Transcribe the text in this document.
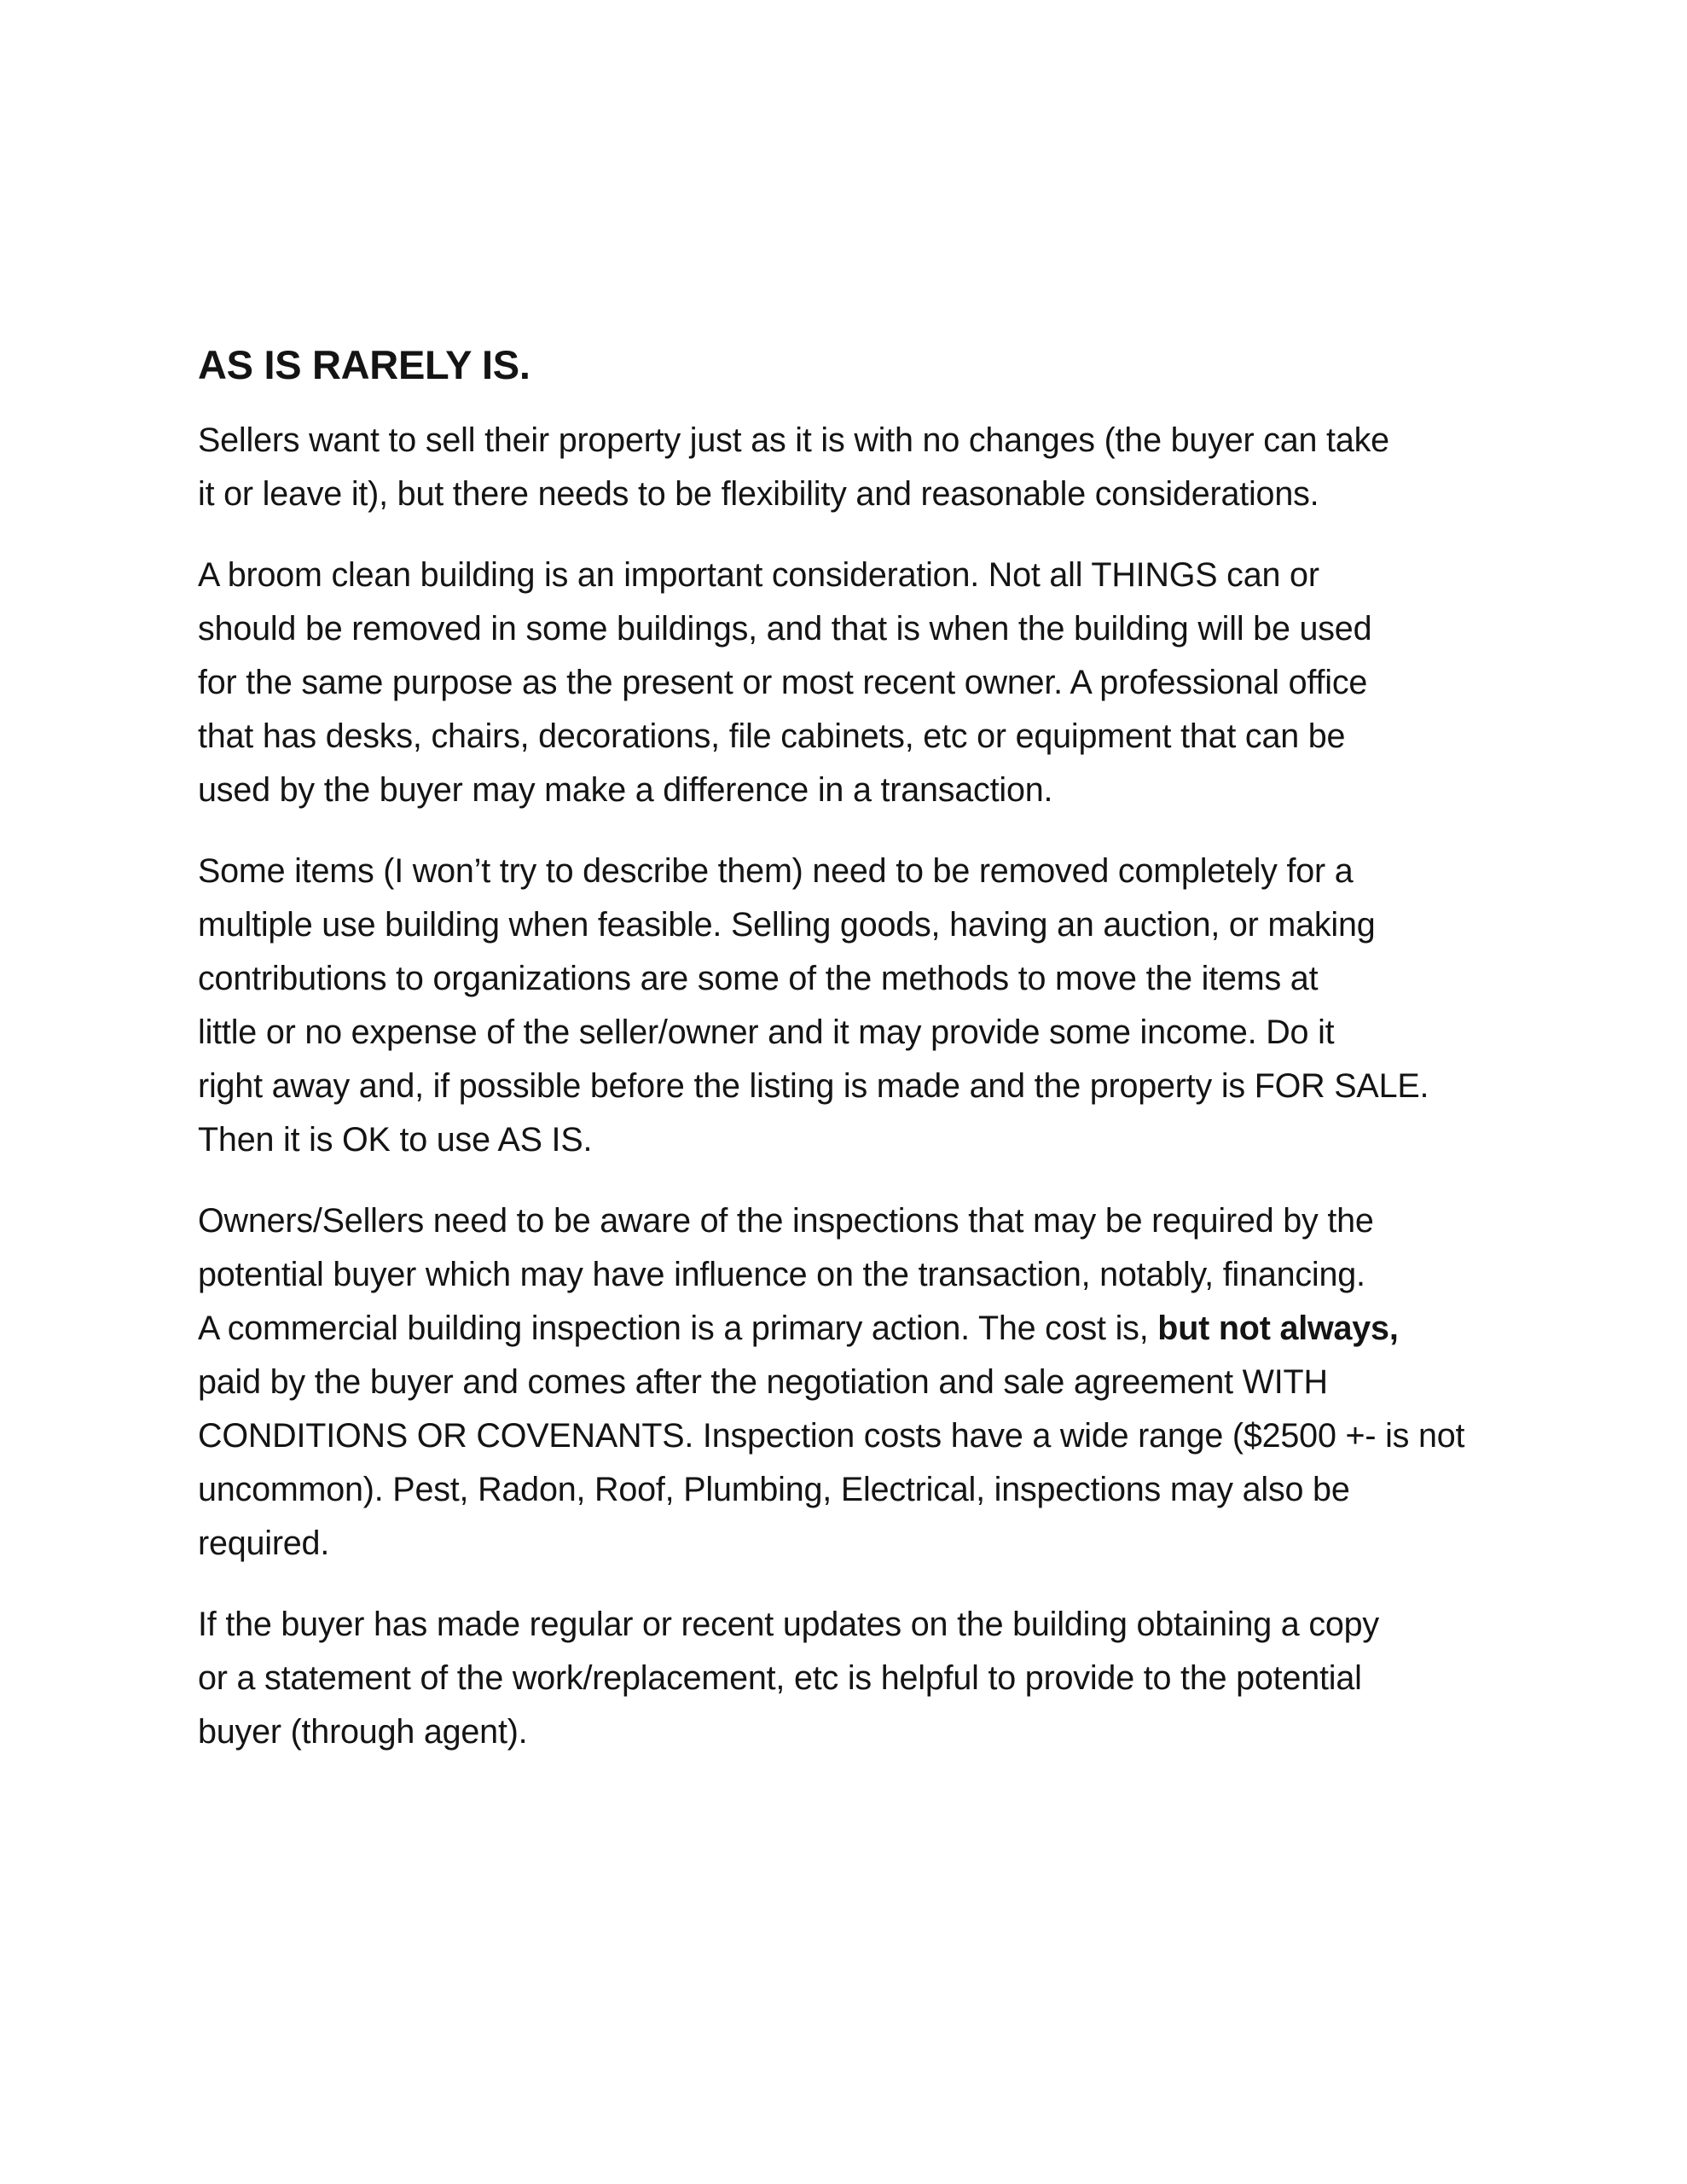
AS IS RARELY IS.
Sellers want to sell their property just as it is with no changes (the buyer can take
it or leave it), but there needs to be flexibility and reasonable considerations.
A broom clean building is an important consideration. Not all THINGS can or
should be removed in some buildings, and that is when the building will be used
for the same purpose as the present or most recent owner. A professional office
that has desks, chairs, decorations, file cabinets, etc or equipment that can be
used by the buyer may make a difference in a transaction.
Some items (I won’t try to describe them) need to be removed completely for a
multiple use building when feasible. Selling goods, having an auction, or making
contributions to organizations are some of the methods to move the items at
little or no expense of the seller/owner and it may provide some income. Do it
right away and, if possible before the listing is made and the property is FOR SALE.
Then it is OK to use AS IS.
Owners/Sellers need to be aware of the inspections that may be required by the
potential buyer which may have influence on the transaction, notably, financing.
A commercial building inspection is a primary action. The cost is, but not always,
paid by the buyer and comes after the negotiation and sale agreement WITH
CONDITIONS OR COVENANTS. Inspection costs have a wide range ($2500 +- is not
uncommon). Pest, Radon, Roof, Plumbing, Electrical, inspections may also be
required.
If the buyer has made regular or recent updates on the building obtaining a copy
or a statement of the work/replacement, etc is helpful to provide to the potential
buyer (through agent).
